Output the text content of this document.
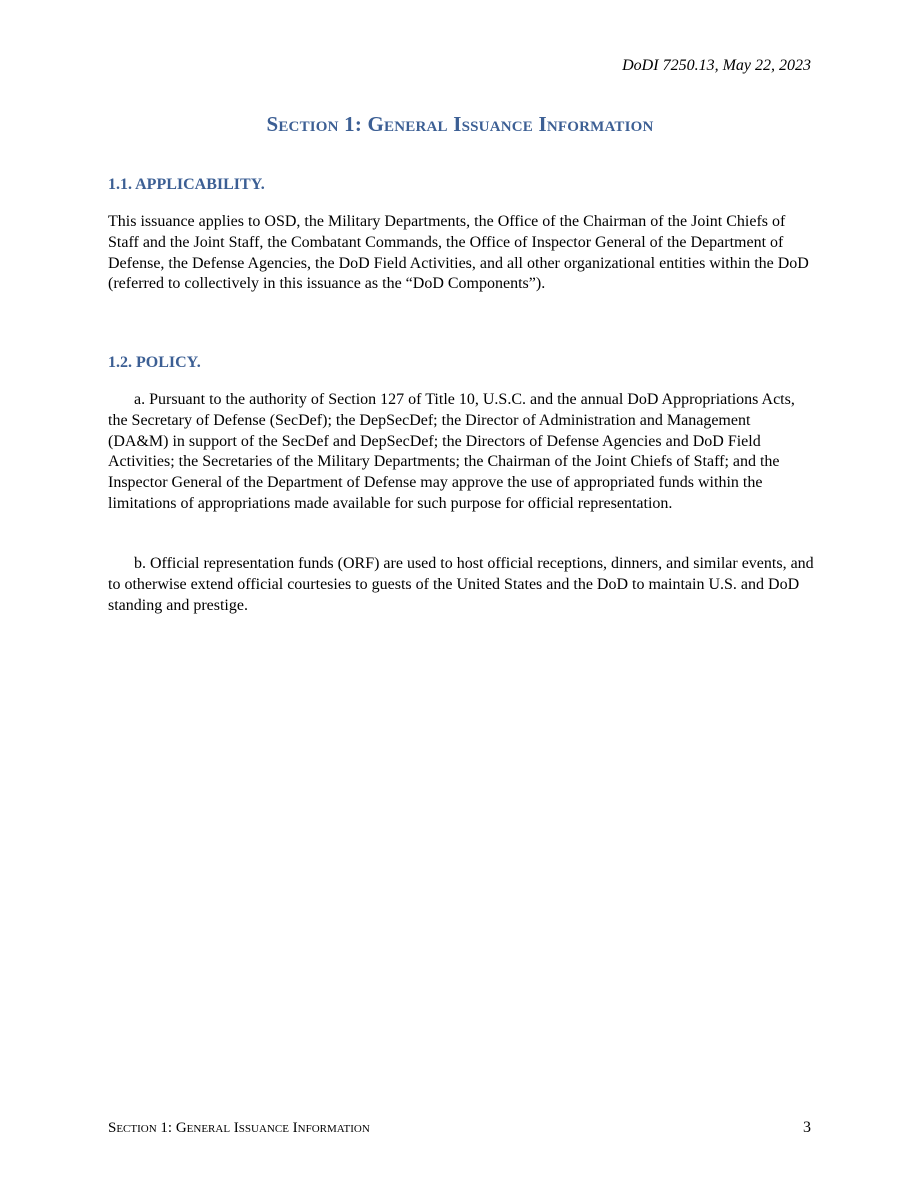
DoDI 7250.13, May 22, 2023
Section 1: General Issuance Information
1.1. APPLICABILITY.

This issuance applies to OSD, the Military Departments, the Office of the Chairman of the Joint Chiefs of Staff and the Joint Staff, the Combatant Commands, the Office of Inspector General of the Department of Defense, the Defense Agencies, the DoD Field Activities, and all other organizational entities within the DoD (referred to collectively in this issuance as the “DoD Components”).

1.2. POLICY.

a. Pursuant to the authority of Section 127 of Title 10, U.S.C. and the annual DoD Appropriations Acts, the Secretary of Defense (SecDef); the DepSecDef; the Director of Administration and Management (DA&M) in support of the SecDef and DepSecDef; the Directors of Defense Agencies and DoD Field Activities; the Secretaries of the Military Departments; the Chairman of the Joint Chiefs of Staff; and the Inspector General of the Department of Defense may approve the use of appropriated funds within the limitations of appropriations made available for such purpose for official representation.

b. Official representation funds (ORF) are used to host official receptions, dinners, and similar events, and to otherwise extend official courtesies to guests of the United States and the DoD to maintain U.S. and DoD standing and prestige.

Section 1: General Issuance Information	3
